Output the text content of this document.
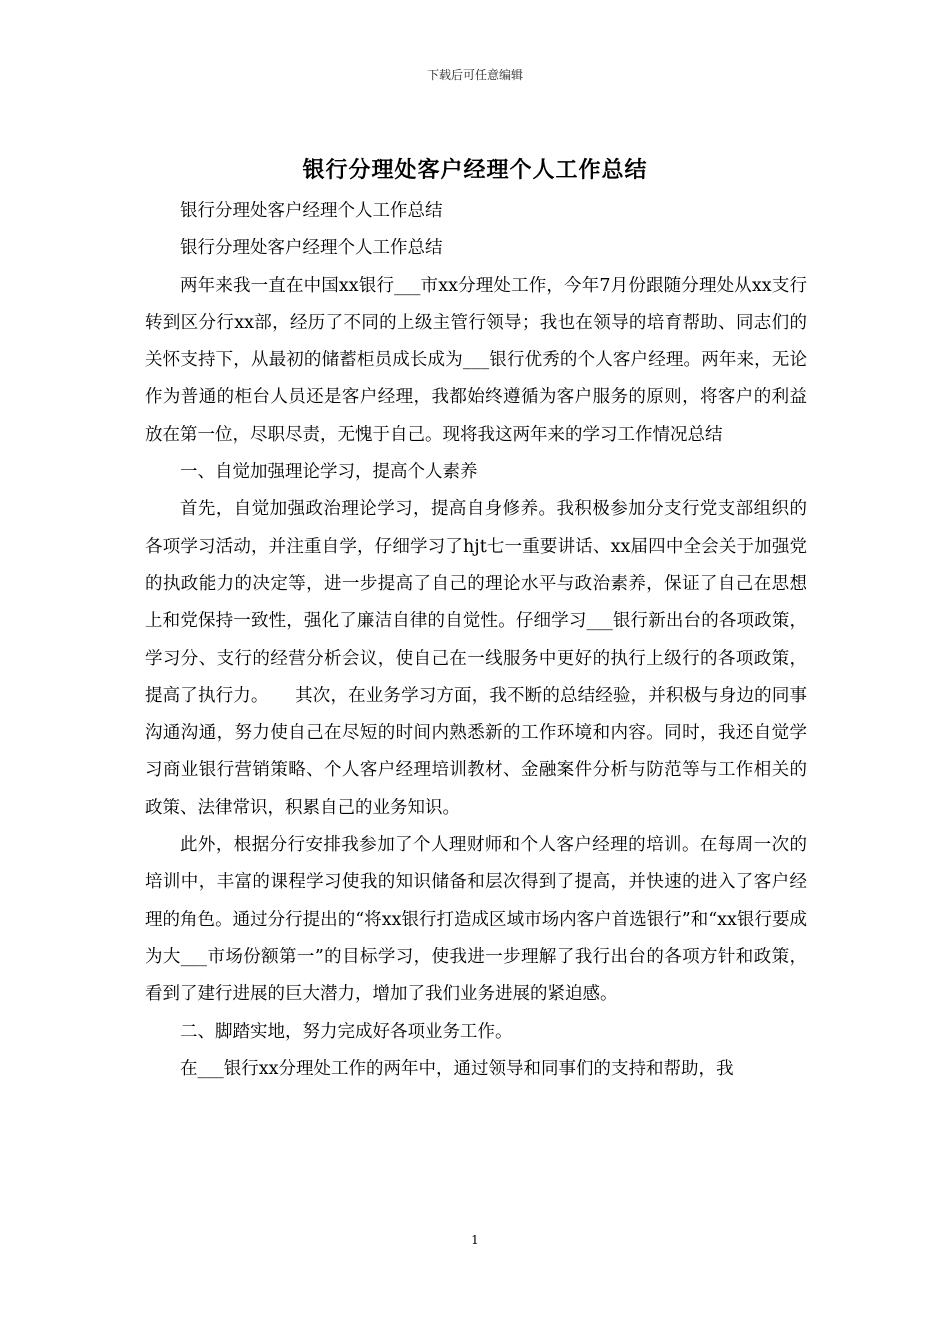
下载后可任意编辑
银行分理处客户经理个人工作总结

银行分理处客户经理个人工作总结

银行分理处客户经理个人工作总结

两年来我一直在中国xx银行___市xx分理处工作，今年7月份跟随分理处从xx支行转到区分行xx部，经历了不同的上级主管行领导；我也在领导的培育帮助、同志们的关怀支持下，从最初的储蓄柜员成长成为___银行优秀的个人客户经理。两年来，无论作为普通的柜台人员还是客户经理，我都始终遵循为客户服务的原则，将客户的利益放在第一位，尽职尽责，无愧于自己。现将我这两年来的学习工作情况总结

一、自觉加强理论学习，提高个人素养

首先，自觉加强政治理论学习，提高自身修养。我积极参加分支行党支部组织的各项学习活动，并注重自学，仔细学习了hjt七一重要讲话、xx届四中全会关于加强党的执政能力的决定等，进一步提高了自己的理论水平与政治素养，保证了自己在思想上和党保持一致性，强化了廉洁自律的自觉性。仔细学习___银行新出台的各项政策，学习分、支行的经营分析会议，使自己在一线服务中更好的执行上级行的各项政策，提高了执行力。　　其次，在业务学习方面，我不断的总结经验，并积极与身边的同事沟通沟通，努力使自己在尽短的时间内熟悉新的工作环境和内容。同时，我还自觉学习商业银行营销策略、个人客户经理培训教材、金融案件分析与防范等与工作相关的政策、法律常识，积累自己的业务知识。

此外，根据分行安排我参加了个人理财师和个人客户经理的培训。在每周一次的培训中，丰富的课程学习使我的知识储备和层次得到了提高，并快速的进入了客户经理的角色。通过分行提出的“将xx银行打造成区域市场内客户首选银行”和“xx银行要成为大___市场份额第一”的目标学习，使我进一步理解了我行出台的各项方针和政策，看到了建行进展的巨大潜力，增加了我们业务进展的紧迫感。

二、脚踏实地，努力完成好各项业务工作。

在___银行xx分理处工作的两年中，通过领导和同事们的支持和帮助，我

1
